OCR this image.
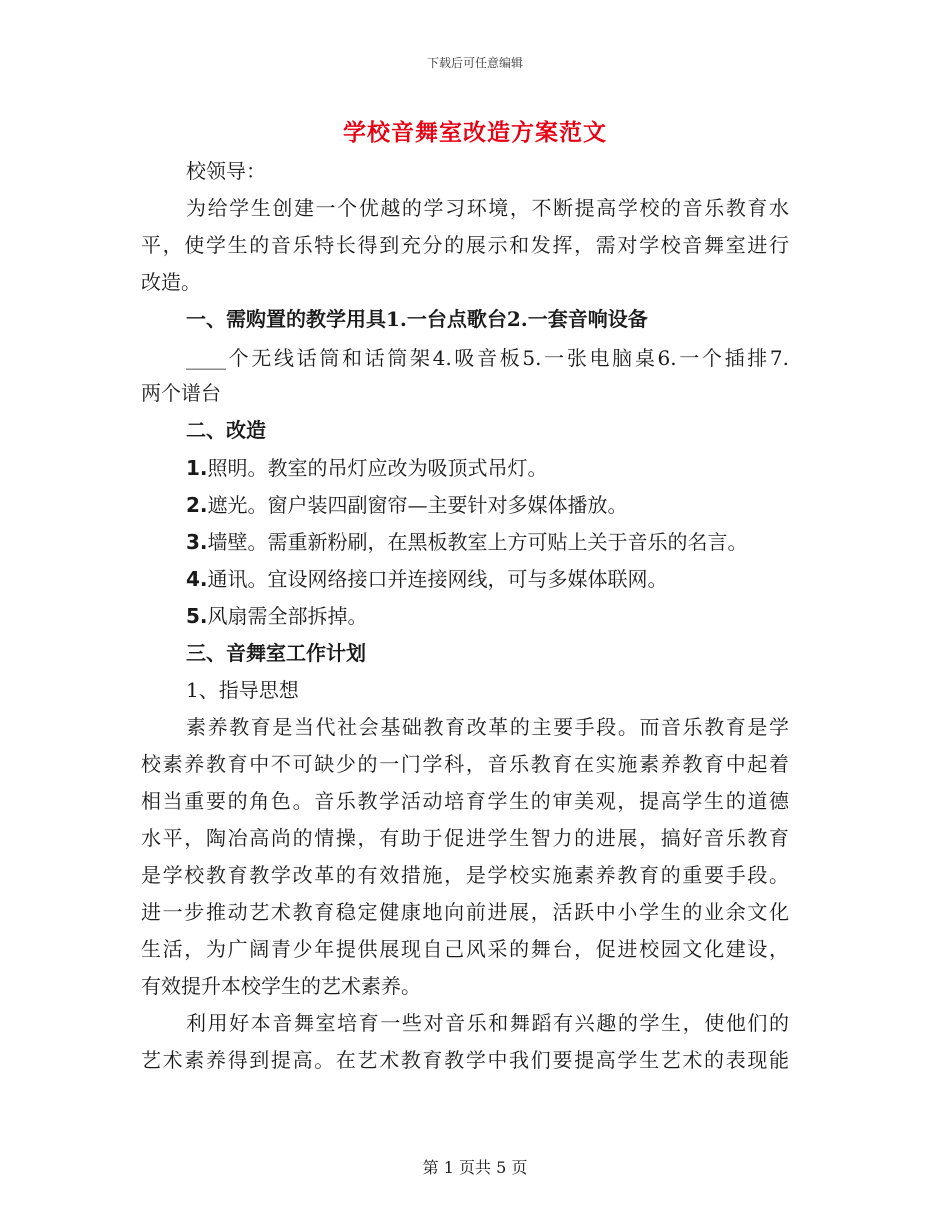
下载后可任意编辑
学校音舞室改造方案范文
校领导：
为给学生创建一个优越的学习环境，不断提高学校的音乐教育水
平，使学生的音乐特长得到充分的展示和发挥，需对学校音舞室进行
改造。
一、需购置的教学用具1.一台点歌台2.一套音响设备
____个无线话筒和话筒架4.吸音板5.一张电脑桌6.一个插排7.
两个谱台
二、改造
1.照明。教室的吊灯应改为吸顶式吊灯。
2.遮光。窗户装四副窗帘—主要针对多媒体播放。
3.墙壁。需重新粉刷，在黑板教室上方可贴上关于音乐的名言。
4.通讯。宜设网络接口并连接网线，可与多媒体联网。
5.风扇需全部拆掉。
三、音舞室工作计划
1、指导思想
素养教育是当代社会基础教育改革的主要手段。而音乐教育是学
校素养教育中不可缺少的一门学科，音乐教育在实施素养教育中起着
相当重要的角色。音乐教学活动培育学生的审美观，提高学生的道德
水平，陶冶高尚的情操，有助于促进学生智力的进展，搞好音乐教育
是学校教育教学改革的有效措施，是学校实施素养教育的重要手段。
进一步推动艺术教育稳定健康地向前进展，活跃中小学生的业余文化
生活，为广阔青少年提供展现自己风采的舞台，促进校园文化建设，
有效提升本校学生的艺术素养。
利用好本音舞室培育一些对音乐和舞蹈有兴趣的学生，使他们的
艺术素养得到提高。在艺术教育教学中我们要提高学生艺术的表现能
第 1 页共 5 页
